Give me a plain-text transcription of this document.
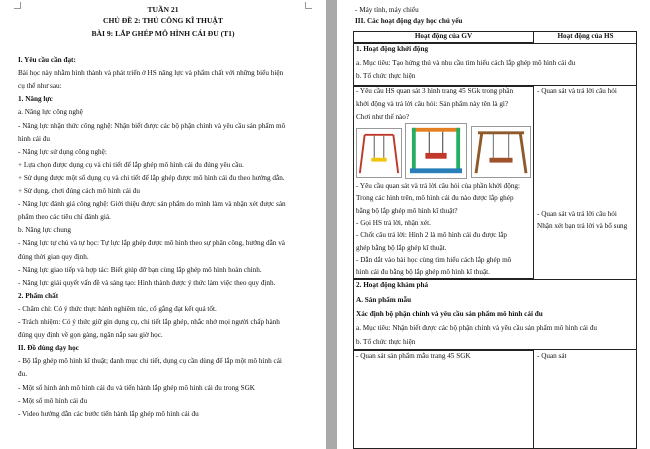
TUẦN 21
CHỦ ĐỀ 2: THỦ CÔNG KĨ THUẬT
BÀI 9: LẮP GHÉP MÔ HÌNH CÁI ĐU (T1)
I. Yêu cầu cần đạt:
Bài học này nhằm hình thành và phát triển ở HS năng lực và phẩm chất với những biểu hiện
cụ thể như sau:
1. Năng lực
a. Năng lực công nghệ
- Năng lực nhận thức công nghệ: Nhận biết được các bộ phận chính và yêu cầu sản phẩm mô
hình cái đu
- Năng lực sử dụng công nghệ:
+ Lựa chọn được dụng cụ và chi tiết để lắp ghép mô hình cái đu đúng yêu cầu.
+ Sử dụng được một số dụng cụ và chi tiết để lắp ghép được mô hình cái đu theo hướng dẫn.
+ Sử dụng, chơi đúng cách mô hình cái đu
- Năng lực đánh giá công nghệ: Giới thiệu được sản phẩm do mình làm và nhận xét được sản
phẩm theo các tiêu chí đánh giá.
b. Năng lực chung
- Năng lực tự chủ và tự học: Tự lực lắp ghép được mô hình theo sự phân công, hướng dẫn và
đúng thời gian quy định.
- Năng lực giao tiếp và hợp tác: Biết giúp đỡ bạn cùng lắp ghép mô hình hoàn chỉnh.
- Năng lực giải quyết vấn đề và sáng tạo: Hình thành được ý thức làm việc theo quy định.
2. Phẩm chất
- Chăm chỉ: Có ý thức thực hành nghiêm túc, cố gắng đạt kết quả tốt.
- Trách nhiệm: Có ý thức giữ gìn dụng cụ, chi tiết lắp ghép, nhắc nhở mọi người chấp hành
đúng quy định về gọn gàng, ngăn nắp sau giờ học.
II. Đồ dùng dạy học
- Bộ lắp ghép mô hình kĩ thuật; đanh mục chi tiết, dụng cụ cần dùng để lắp một mô hình cái
đu.
- Một số hình ảnh mô hình cái đu và tiến hành lắp ghép mô hình cái đu trong SGK
- Một số mô hình cái đu
- Video hướng dẫn các bước tiến hành lắp ghép mô hình cái đu
- Máy tính, máy chiếu
III. Các hoạt động dạy học chủ yếu
Hoạt động của GV	Hoạt động của HS
1. Hoạt động khởi động
a. Mục tiêu: Tạo hứng thú và nhu cầu tìm hiểu cách lắp ghép mô hình cái đu
b. Tổ chức thực hiện
- Yêu cầu HS quan sát 3 hình trang 45 SGk trong phần
khởi động và trả lời câu hỏi: Sản phẩm này tên là gì?
Chơi như thế nào?
- Quan sát và trả lời câu hỏi
- Yêu cầu quan sát và trả lời câu hỏi của phần khởi động:
Trong các hình trên, mô hình cái đu nào được lắp ghép
bằng bộ lắp ghép mô hình kĩ thuật?
- Gọi HS trả lời, nhận xét.
- Chốt câu trả lời: Hình 2 là mô hình cái đu được lắp
ghép bằng bộ lắp ghép kĩ thuật.
- Dẫn dắt vào bài học cùng tìm hiểu cách lắp ghép mô
hình cái đu bằng bộ lắp ghép mô hình kĩ thuật.
- Quan sát và trả lời câu hỏi
Nhận xét bạn trả lời và bổ sung
2. Hoạt động khám phá
A. Sản phẩm mẫu
Xác định bộ phận chính và yêu cầu sản phẩm mô hình cái đu
a. Mục tiêu: Nhận biết được các bộ phận chính và yêu cầu sản phẩm mô hình cái đu
b. Tổ chức thực hiện
- Quan sát sản phẩm mẫu trang 45 SGK	- Quan sát
